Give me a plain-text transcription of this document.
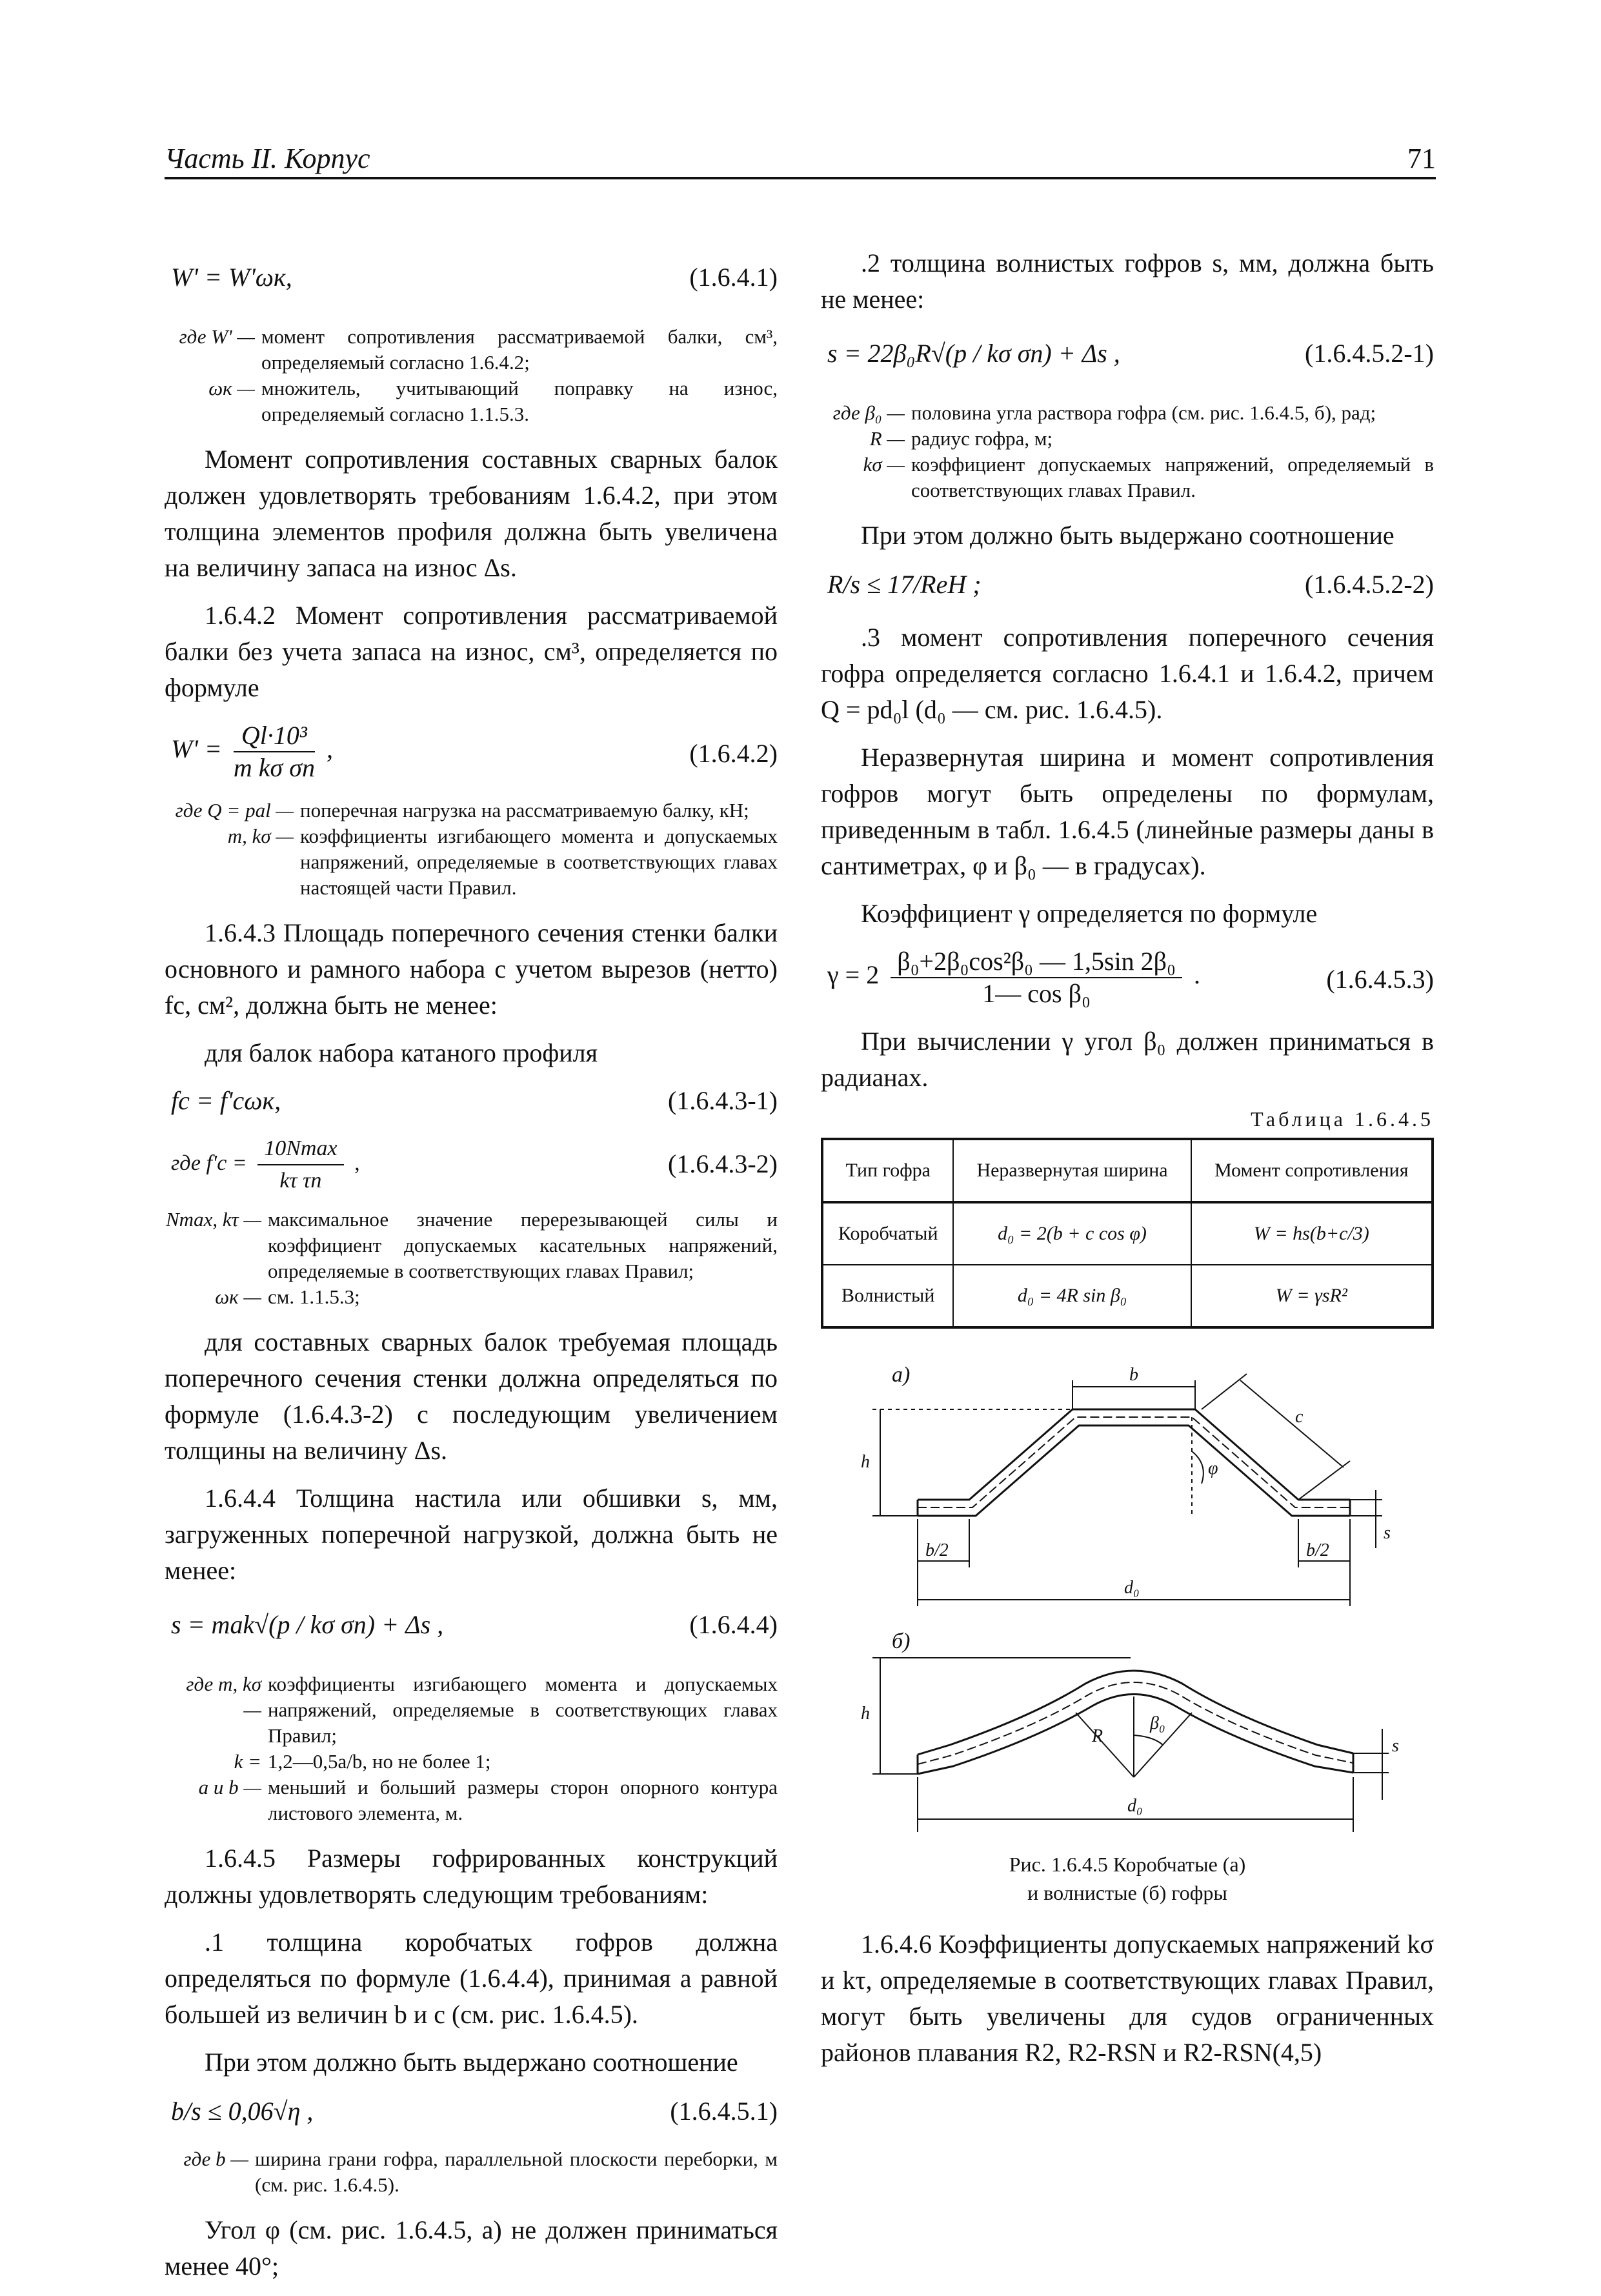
Часть II. Корпус	71
W' = W'ωк,	(1.6.4.1)
где W' — момент сопротивления рассматриваемой балки, см³, определяемый согласно 1.6.4.2;
ωк — множитель, учитывающий поправку на износ, определяемый согласно 1.1.5.3.

Момент сопротивления составных сварных балок должен удовлетворять требованиям 1.6.4.2, при этом толщина элементов профиля должна быть увеличена на величину запаса на износ Δs.

1.6.4.2 Момент сопротивления рассматриваемой балки без учета запаса на износ, см³, определяется по формуле

$W' = \frac{\text{Ql·10³}}{\text{m kσ σn}}$ ,	(1.6.4.2)
где Q = pal — поперечная нагрузка на рассматриваемую балку, кН;
m, kσ — коэффициенты изгибающего момента и допускаемых напряжений, определяемые в соответствующих главах настоящей части Правил.

1.6.4.3 Площадь поперечного сечения стенки балки основного и рамного набора с учетом вырезов (нетто) fc, см², должна быть не менее:

для балок набора катаного профиля

fc = f'cωк,	(1.6.4.3-1)
где $f'c = \frac{10Nmax}{\text{kτ τn}}$ ,	(1.6.4.3-2)
Nmax, kτ — максимальное значение перерезывающей силы и коэффициент допускаемых касательных напряжений, определяемые в соответствующих главах Правил;
ωк — см. 1.1.5.3;

для составных сварных балок требуемая площадь поперечного сечения стенки должна определяться по формуле (1.6.4.3-2) с последующим увеличением толщины на величину Δs.

1.6.4.4 Толщина настила или обшивки s, мм, загруженных поперечной нагрузкой, должна быть не менее:

s = mak√(p / kσ σn) + Δs ,	(1.6.4.4)
где m, kσ —
коэффициенты изгибающего момента и допускаемых напряжений, определяемые в соответствующих главах Правил;
k = 1,2—0,5a/b, но не более 1;
a и b — меньший и больший размеры сторон опорного контура листового элемента, м.

1.6.4.5 Размеры гофрированных конструкций должны удовлетворять следующим требованиям:

.1 толщина коробчатых гофров должна определяться по формуле (1.6.4.4), принимая a равной большей из величин b и c (см. рис. 1.6.4.5).

При этом должно быть выдержано соотношение

b/s ≤ 0,06√η ,	(1.6.4.5.1)
где b — ширина грани гофра, параллельной плоскости переборки, м (см. рис. 1.6.4.5).

Угол φ (см. рис. 1.6.4.5, а) не должен приниматься менее 40°;

.2 толщина волнистых гофров s, мм, должна быть не менее:

s = 22β₀R√(p / kσ σn) + Δs ,	(1.6.4.5.2-1)
где β₀ — половина угла раствора гофра (см. рис. 1.6.4.5, б), рад;
R — радиус гофра, м;
kσ — коэффициент допускаемых напряжений, определяемый в соответствующих главах Правил.

При этом должно быть выдержано соотношение

R/s ≤ 17/ReH ;	(1.6.4.5.2-2)

.3 момент сопротивления поперечного сечения гофра определяется согласно 1.6.4.1 и 1.6.4.2, причем Q = pd₀l (d₀ — см. рис. 1.6.4.5).

Неразвернутая ширина и момент сопротивления гофров могут быть определены по формулам, приведенным в табл. 1.6.4.5 (линейные размеры даны в сантиметрах, φ и β₀ — в градусах).

Коэффициент γ определяется по формуле

$\gamma = 2 \frac{\text{β₀+2β₀cos²β₀ — 1,5sin 2β₀}}{\text{1— cos β₀}}$ .	(1.6.4.5.3)

При вычислении γ угол β₀ должен приниматься в радианах.

Таблица 1.6.4.5
Тип гофра	Неразвернутая ширина	Момент сопротивления
Коробчатый	d₀ = 2(b + c cos φ)	W = hs(b+c/3)
Волнистый	d₀ = 4R sin β₀	W = γsR²
а)	b
c
h	φ
b/2	b/2
s
d₀
б)
h
R
β₀
s
d₀
Рис. 1.6.4.5 Коробчатые (а)
и волнистые (б) гофры

1.6.4.6 Коэффициенты допускаемых напряжений kσ и kτ, определяемые в соответствующих главах Правил, могут быть увеличены для судов ограниченных районов плавания R2, R2-RSN и R2-RSN(4,5)
